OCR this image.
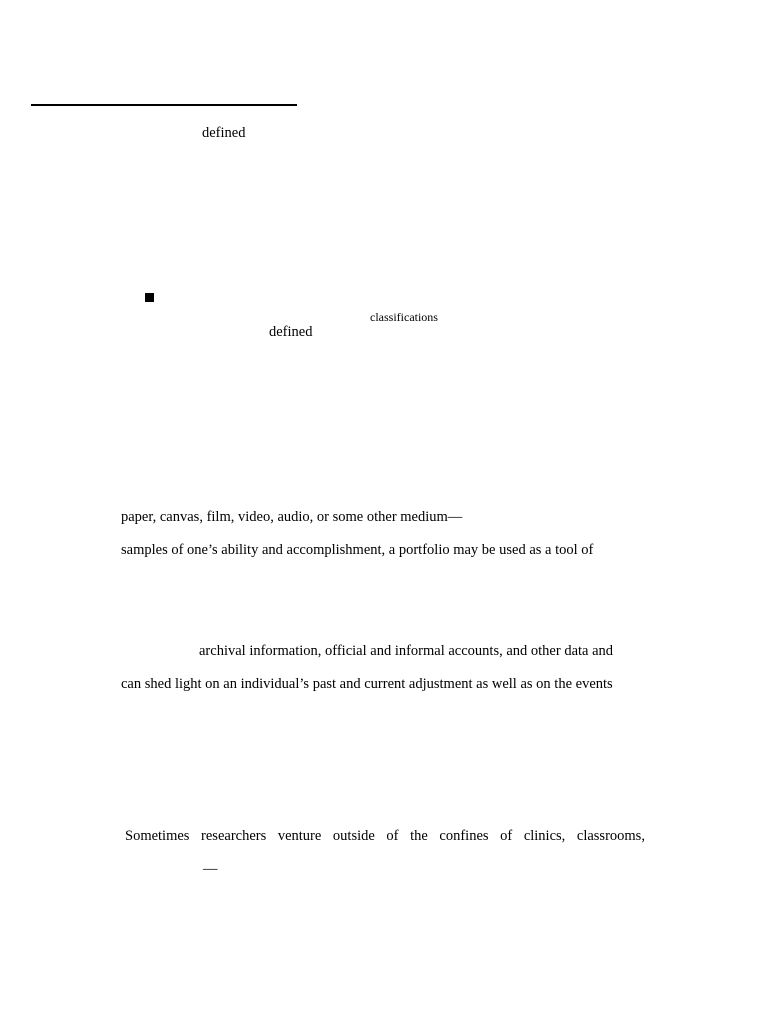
defined
classifications
defined
paper, canvas, film, video, audio, or some other medium—
samples of one’s ability and accomplishment, a portfolio may be used as a tool of
archival information, official and informal accounts, and other data and
can shed light on an individual’s past and current adjustment as well as on the events
Sometimes researchers venture outside of the confines of clinics, classrooms,
—
